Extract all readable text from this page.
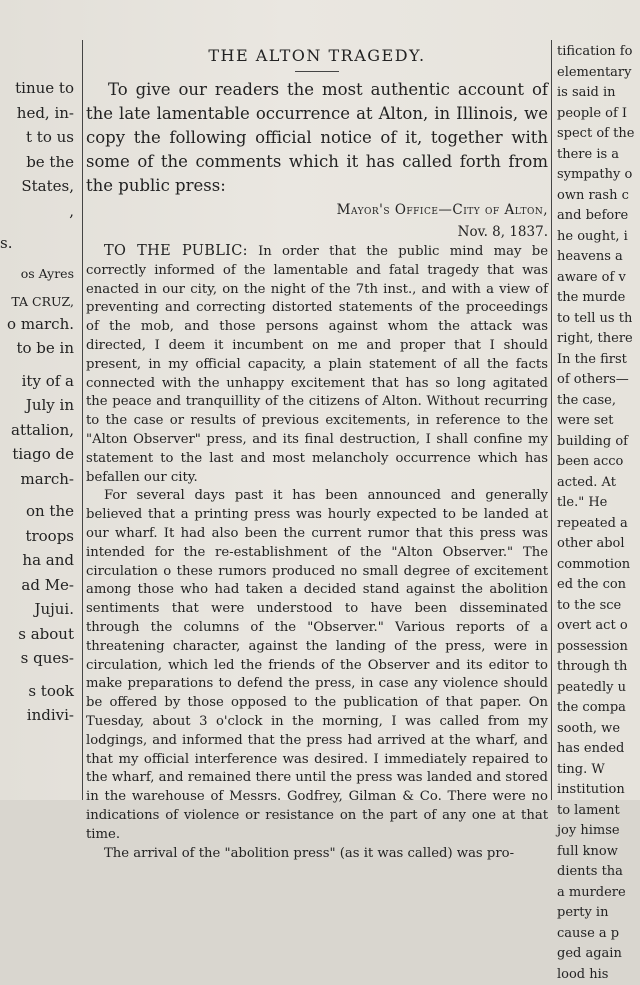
tinue to
hed, in-
t to us
be the
States,
,
s.
os Ayres
TA CRUZ,
o march.
to be in
ity of a
July in
attalion,
tiago de
march-
on the
troops
ha and
ad Me-
Jujui.
s about
s ques-
s took
indivi-
THE ALTON TRAGEDY.

To give our readers the most authentic account of the late lamentable occurrence at Alton, in Illinois, we copy the following official notice of it, together with some of the comments which it has called forth from the public press:

Mayor's Office—City of Alton,
Nov. 8, 1837.

TO THE PUBLIC: In order that the public mind may be correctly informed of the lamentable and fatal tragedy that was enacted in our city, on the night of the 7th inst., and with a view of preventing and correcting distorted statements of the proceedings of the mob, and those persons against whom the attack was directed, I deem it incumbent on me and proper that I should present, in my official capacity, a plain statement of all the facts connected with the unhappy excitement that has so long agitated the peace and tranquillity of the citizens of Alton. Without recurring to the case or results of previous excitements, in reference to the "Alton Observer" press, and its final destruction, I shall confine my statement to the last and most melancholy occurrence which has befallen our city.

For several days past it has been announced and generally believed that a printing press was hourly expected to be landed at our wharf. It had also been the current rumor that this press was intended for the re-establishment of the "Alton Observer." The circulation o these rumors produced no small degree of excitement among those who had taken a decided stand against the abolition sentiments that were understood to have been disseminated through the columns of the "Observer." Various reports of a threatening character, against the landing of the press, were in circulation, which led the friends of the Observer and its editor to make preparations to defend the press, in case any violence should be offered by those opposed to the publication of that paper. On Tuesday, about 3 o'clock in the morning, I was called from my lodgings, and informed that the press had arrived at the wharf, and that my official interference was desired. I immediately repaired to the wharf, and remained there until the press was landed and stored in the warehouse of Messrs. Godfrey, Gilman & Co. There were no indications of violence or resistance on the part of any one at that time.

The arrival of the "abolition press" (as it was called) was pro-

tification fo
elementary
is said in
people of I
spect of the
there is a
sympathy o
own rash c
and before
he ought, i
heavens a
aware of v
the murde
to tell us th
right, there
In the first
of others—
the case,
were set
building of
been acco
acted. At
tle." He
repeated a
other abol
commotion
ed the con
to the sce
overt act o
possession
through th
peatedly u
the compa
sooth, we
has ended
ting. W
institution
to lament
joy himse
full know
dients tha
a murdere
perty in
cause a p
ged again
lood his
